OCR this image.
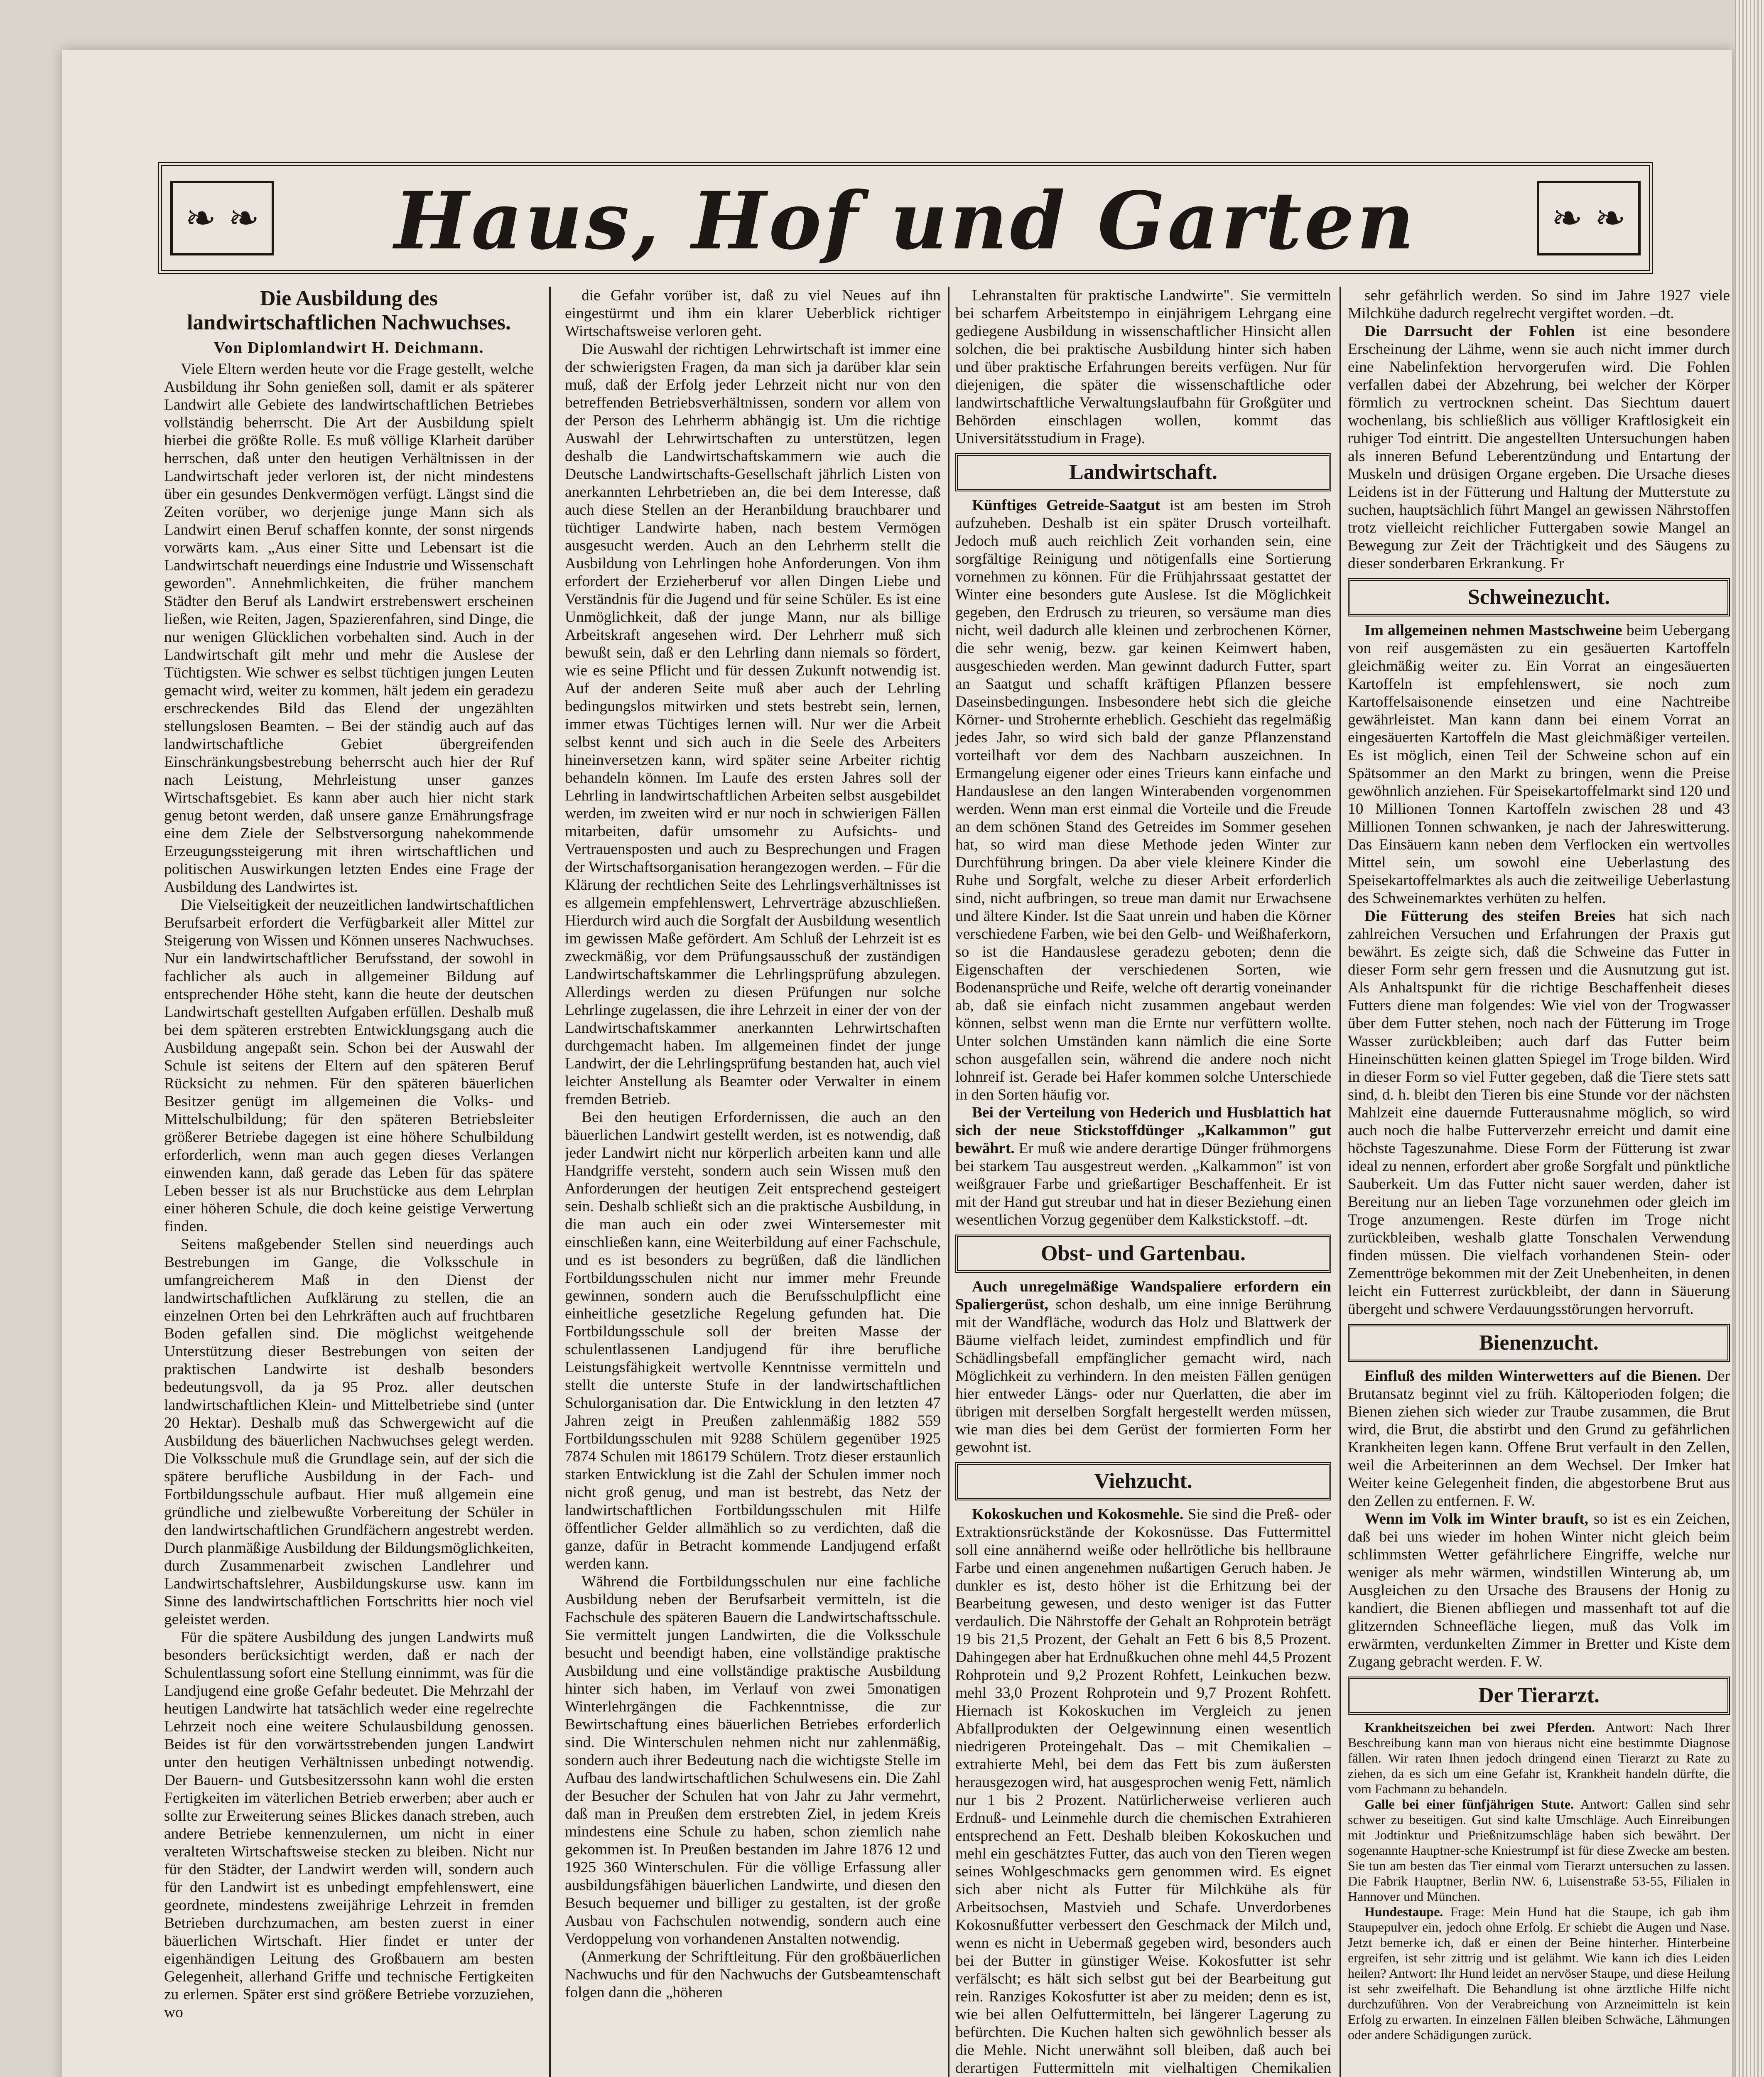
❧ ❧	Haus, Hof und Garten	❧ ❧
Die Ausbildung des landwirtschaftlichen Nachwuchses.
Von Diplomlandwirt H. Deichmann.

Viele Eltern werden heute vor die Frage gestellt, welche Ausbildung ihr Sohn genießen soll, damit er als späterer Landwirt alle Gebiete des landwirtschaftlichen Betriebes vollständig beherrscht. Die Art der Ausbildung spielt hierbei die größte Rolle. Es muß völlige Klarheit darüber herrschen, daß unter den heutigen Verhältnissen in der Landwirtschaft jeder verloren ist, der nicht mindestens über ein gesundes Denkvermögen verfügt. Längst sind die Zeiten vorüber, wo derjenige junge Mann sich als Landwirt einen Beruf schaffen konnte, der sonst nirgends vorwärts kam. „Aus einer Sitte und Lebensart ist die Landwirtschaft neuerdings eine Industrie und Wissenschaft geworden". Annehmlichkeiten, die früher manchem Städter den Beruf als Landwirt erstrebenswert erscheinen ließen, wie Reiten, Jagen, Spazierenfahren, sind Dinge, die nur wenigen Glücklichen vorbehalten sind. Auch in der Landwirtschaft gilt mehr und mehr die Auslese der Tüchtigsten. Wie schwer es selbst tüchtigen jungen Leuten gemacht wird, weiter zu kommen, hält jedem ein geradezu erschreckendes Bild das Elend der ungezählten stellungslosen Beamten. – Bei der ständig auch auf das landwirtschaftliche Gebiet übergreifenden Einschränkungsbestrebung beherrscht auch hier der Ruf nach Leistung, Mehrleistung unser ganzes Wirtschaftsgebiet. Es kann aber auch hier nicht stark genug betont werden, daß unsere ganze Ernährungsfrage eine dem Ziele der Selbstversorgung nahekommende Erzeugungssteigerung mit ihren wirtschaftlichen und politischen Auswirkungen letzten Endes eine Frage der Ausbildung des Landwirtes ist.

Die Vielseitigkeit der neuzeitlichen landwirtschaftlichen Berufsarbeit erfordert die Verfügbarkeit aller Mittel zur Steigerung von Wissen und Können unseres Nachwuchses. Nur ein landwirtschaftlicher Berufsstand, der sowohl in fachlicher als auch in allgemeiner Bildung auf entsprechender Höhe steht, kann die heute der deutschen Landwirtschaft gestellten Aufgaben erfüllen. Deshalb muß bei dem späteren erstrebten Entwicklungsgang auch die Ausbildung angepaßt sein. Schon bei der Auswahl der Schule ist seitens der Eltern auf den späteren Beruf Rücksicht zu nehmen. Für den späteren bäuerlichen Besitzer genügt im allgemeinen die Volks- und Mittelschulbildung; für den späteren Betriebsleiter größerer Betriebe dagegen ist eine höhere Schulbildung erforderlich, wenn man auch gegen dieses Verlangen einwenden kann, daß gerade das Leben für das spätere Leben besser ist als nur Bruchstücke aus dem Lehrplan einer höheren Schule, die doch keine geistige Verwertung finden.

Seitens maßgebender Stellen sind neuerdings auch Bestrebungen im Gange, die Volksschule in umfangreicherem Maß in den Dienst der landwirtschaftlichen Aufklärung zu stellen, die an einzelnen Orten bei den Lehrkräften auch auf fruchtbaren Boden gefallen sind. Die möglichst weitgehende Unterstützung dieser Bestrebungen von seiten der praktischen Landwirte ist deshalb besonders bedeutungsvoll, da ja 95 Proz. aller deutschen landwirtschaftlichen Klein- und Mittelbetriebe sind (unter 20 Hektar). Deshalb muß das Schwergewicht auf die Ausbildung des bäuerlichen Nachwuchses gelegt werden. Die Volksschule muß die Grundlage sein, auf der sich die spätere berufliche Ausbildung in der Fach- und Fortbildungsschule aufbaut. Hier muß allgemein eine gründliche und zielbewußte Vorbereitung der Schüler in den landwirtschaftlichen Grundfächern angestrebt werden. Durch planmäßige Ausbildung der Bildungsmöglichkeiten, durch Zusammenarbeit zwischen Landlehrer und Landwirtschaftslehrer, Ausbildungskurse usw. kann im Sinne des landwirtschaftlichen Fortschritts hier noch viel geleistet werden.

Für die spätere Ausbildung des jungen Landwirts muß besonders berücksichtigt werden, daß er nach der Schulentlassung sofort eine Stellung einnimmt, was für die Landjugend eine große Gefahr bedeutet. Die Mehrzahl der heutigen Landwirte hat tatsächlich weder eine regelrechte Lehrzeit noch eine weitere Schulausbildung genossen. Beides ist für den vorwärtsstrebenden jungen Landwirt unter den heutigen Verhältnissen unbedingt notwendig. Der Bauern- und Gutsbesitzerssohn kann wohl die ersten Fertigkeiten im väterlichen Betrieb erwerben; aber auch er sollte zur Erweiterung seines Blickes danach streben, auch andere Betriebe kennenzulernen, um nicht in einer veralteten Wirtschaftsweise stecken zu bleiben. Nicht nur für den Städter, der Landwirt werden will, sondern auch für den Landwirt ist es unbedingt empfehlenswert, eine geordnete, mindestens zweijährige Lehrzeit in fremden Betrieben durchzumachen, am besten zuerst in einer bäuerlichen Wirtschaft. Hier findet er unter der eigenhändigen Leitung des Großbauern am besten Gelegenheit, allerhand Griffe und technische Fertigkeiten zu erlernen. Später erst sind größere Betriebe vorzuziehen, wo

die Gefahr vorüber ist, daß zu viel Neues auf ihn eingestürmt und ihm ein klarer Ueberblick richtiger Wirtschaftsweise verloren geht.

Die Auswahl der richtigen Lehrwirtschaft ist immer eine der schwierigsten Fragen, da man sich ja darüber klar sein muß, daß der Erfolg jeder Lehrzeit nicht nur von den betreffenden Betriebsverhältnissen, sondern vor allem von der Person des Lehrherrn abhängig ist. Um die richtige Auswahl der Lehrwirtschaften zu unterstützen, legen deshalb die Landwirtschaftskammern wie auch die Deutsche Landwirtschafts-Gesellschaft jährlich Listen von anerkannten Lehrbetrieben an, die bei dem Interesse, daß auch diese Stellen an der Heranbildung brauchbarer und tüchtiger Landwirte haben, nach bestem Vermögen ausgesucht werden. Auch an den Lehrherrn stellt die Ausbildung von Lehrlingen hohe Anforderungen. Von ihm erfordert der Erzieherberuf vor allen Dingen Liebe und Verständnis für die Jugend und für seine Schüler. Es ist eine Unmöglichkeit, daß der junge Mann, nur als billige Arbeitskraft angesehen wird. Der Lehrherr muß sich bewußt sein, daß er den Lehrling dann niemals so fördert, wie es seine Pflicht und für dessen Zukunft notwendig ist. Auf der anderen Seite muß aber auch der Lehrling bedingungslos mitwirken und stets bestrebt sein, lernen, immer etwas Tüchtiges lernen will. Nur wer die Arbeit selbst kennt und sich auch in die Seele des Arbeiters hineinversetzen kann, wird später seine Arbeiter richtig behandeln können. Im Laufe des ersten Jahres soll der Lehrling in landwirtschaftlichen Arbeiten selbst ausgebildet werden, im zweiten wird er nur noch in schwierigen Fällen mitarbeiten, dafür umsomehr zu Aufsichts- und Vertrauensposten und auch zu Besprechungen und Fragen der Wirtschaftsorganisation herangezogen werden. – Für die Klärung der rechtlichen Seite des Lehrlingsverhältnisses ist es allgemein empfehlenswert, Lehrverträge abzuschließen. Hierdurch wird auch die Sorgfalt der Ausbildung wesentlich im gewissen Maße gefördert. Am Schluß der Lehrzeit ist es zweckmäßig, vor dem Prüfungsausschuß der zuständigen Landwirtschaftskammer die Lehrlingsprüfung abzulegen. Allerdings werden zu diesen Prüfungen nur solche Lehrlinge zugelassen, die ihre Lehrzeit in einer der von der Landwirtschaftskammer anerkannten Lehrwirtschaften durchgemacht haben. Im allgemeinen findet der junge Landwirt, der die Lehrlingsprüfung bestanden hat, auch viel leichter Anstellung als Beamter oder Verwalter in einem fremden Betrieb.

Bei den heutigen Erfordernissen, die auch an den bäuerlichen Landwirt gestellt werden, ist es notwendig, daß jeder Landwirt nicht nur körperlich arbeiten kann und alle Handgriffe versteht, sondern auch sein Wissen muß den Anforderungen der heutigen Zeit entsprechend gesteigert sein. Deshalb schließt sich an die praktische Ausbildung, in die man auch ein oder zwei Wintersemester mit einschließen kann, eine Weiterbildung auf einer Fachschule, und es ist besonders zu begrüßen, daß die ländlichen Fortbildungsschulen nicht nur immer mehr Freunde gewinnen, sondern auch die Berufsschulpflicht eine einheitliche gesetzliche Regelung gefunden hat. Die Fortbildungsschule soll der breiten Masse der schulentlassenen Landjugend für ihre berufliche Leistungsfähigkeit wertvolle Kenntnisse vermitteln und stellt die unterste Stufe in der landwirtschaftlichen Schulorganisation dar. Die Entwicklung in den letzten 47 Jahren zeigt in Preußen zahlenmäßig 1882 559 Fortbildungsschulen mit 9288 Schülern gegenüber 1925 7874 Schulen mit 186179 Schülern. Trotz dieser erstaunlich starken Entwicklung ist die Zahl der Schulen immer noch nicht groß genug, und man ist bestrebt, das Netz der landwirtschaftlichen Fortbildungsschulen mit Hilfe öffentlicher Gelder allmählich so zu verdichten, daß die ganze, dafür in Betracht kommende Landjugend erfaßt werden kann.

Während die Fortbildungsschulen nur eine fachliche Ausbildung neben der Berufsarbeit vermitteln, ist die Fachschule des späteren Bauern die Landwirtschaftsschule. Sie vermittelt jungen Landwirten, die die Volksschule besucht und beendigt haben, eine vollständige praktische Ausbildung und eine vollständige praktische Ausbildung hinter sich haben, im Verlauf von zwei 5monatigen Winterlehrgängen die Fachkenntnisse, die zur Bewirtschaftung eines bäuerlichen Betriebes erforderlich sind. Die Winterschulen nehmen nicht nur zahlenmäßig, sondern auch ihrer Bedeutung nach die wichtigste Stelle im Aufbau des landwirtschaftlichen Schulwesens ein. Die Zahl der Besucher der Schulen hat von Jahr zu Jahr vermehrt, daß man in Preußen dem erstrebten Ziel, in jedem Kreis mindestens eine Schule zu haben, schon ziemlich nahe gekommen ist. In Preußen bestanden im Jahre 1876 12 und 1925 360 Winterschulen. Für die völlige Erfassung aller ausbildungsfähigen bäuerlichen Landwirte, und diesen den Besuch bequemer und billiger zu gestalten, ist der große Ausbau von Fachschulen notwendig, sondern auch eine Verdoppelung von vorhandenen Anstalten notwendig.

(Anmerkung der Schriftleitung. Für den großbäuerlichen Nachwuchs und für den Nachwuchs der Gutsbeamtenschaft folgen dann die „höheren

Lehranstalten für praktische Landwirte". Sie vermitteln bei scharfem Arbeitstempo in einjährigem Lehrgang eine gediegene Ausbildung in wissenschaftlicher Hinsicht allen solchen, die bei praktische Ausbildung hinter sich haben und über praktische Erfahrungen bereits verfügen. Nur für diejenigen, die später die wissenschaftliche oder landwirtschaftliche Verwaltungslaufbahn für Großgüter und Behörden einschlagen wollen, kommt das Universitätsstudium in Frage).

Landwirtschaft.

Künftiges Getreide-Saatgut ist am besten im Stroh aufzuheben. Deshalb ist ein später Drusch vorteilhaft. Jedoch muß auch reichlich Zeit vorhanden sein, eine sorgfältige Reinigung und nötigenfalls eine Sortierung vornehmen zu können. Für die Frühjahrssaat gestattet der Winter eine besonders gute Auslese. Ist die Möglichkeit gegeben, den Erdrusch zu trieuren, so versäume man dies nicht, weil dadurch alle kleinen und zerbrochenen Körner, die sehr wenig, bezw. gar keinen Keimwert haben, ausgeschieden werden. Man gewinnt dadurch Futter, spart an Saatgut und schafft kräftigen Pflanzen bessere Daseinsbedingungen. Insbesondere hebt sich die gleiche Körner- und Strohernte erheblich. Geschieht das regelmäßig jedes Jahr, so wird sich bald der ganze Pflanzenstand vorteilhaft vor dem des Nachbarn auszeichnen. In Ermangelung eigener oder eines Trieurs kann einfache und Handauslese an den langen Winterabenden vorgenommen werden. Wenn man erst einmal die Vorteile und die Freude an dem schönen Stand des Getreides im Sommer gesehen hat, so wird man diese Methode jeden Winter zur Durchführung bringen. Da aber viele kleinere Kinder die Ruhe und Sorgfalt, welche zu dieser Arbeit erforderlich sind, nicht aufbringen, so treue man damit nur Erwachsene und ältere Kinder. Ist die Saat unrein und haben die Körner verschiedene Farben, wie bei den Gelb- und Weißhaferkorn, so ist die Handauslese geradezu geboten; denn die Eigenschaften der verschiedenen Sorten, wie Bodenansprüche und Reife, welche oft derartig voneinander ab, daß sie einfach nicht zusammen angebaut werden können, selbst wenn man die Ernte nur verfüttern wollte. Unter solchen Umständen kann nämlich die eine Sorte schon ausgefallen sein, während die andere noch nicht lohnreif ist. Gerade bei Hafer kommen solche Unterschiede in den Sorten häufig vor.

Bei der Verteilung von Hederich und Husblattich hat sich der neue Stickstoffdünger „Kalkammon" gut bewährt. Er muß wie andere derartige Dünger frühmorgens bei starkem Tau ausgestreut werden. „Kalkammon" ist von weißgrauer Farbe und grießartiger Beschaffenheit. Er ist mit der Hand gut streubar und hat in dieser Beziehung einen wesentlichen Vorzug gegenüber dem Kalkstickstoff. –dt.

Obst- und Gartenbau.

Auch unregelmäßige Wandspaliere erfordern ein Spaliergerüst, schon deshalb, um eine innige Berührung mit der Wandfläche, wodurch das Holz und Blattwerk der Bäume vielfach leidet, zumindest empfindlich und für Schädlingsbefall empfänglicher gemacht wird, nach Möglichkeit zu verhindern. In den meisten Fällen genügen hier entweder Längs- oder nur Querlatten, die aber im übrigen mit derselben Sorgfalt hergestellt werden müssen, wie man dies bei dem Gerüst der formierten Form her gewohnt ist.

Viehzucht.

Kokoskuchen und Kokosmehle. Sie sind die Preß- oder Extraktionsrückstände der Kokosnüsse. Das Futtermittel soll eine annähernd weiße oder hellrötliche bis hellbraune Farbe und einen angenehmen nußartigen Geruch haben. Je dunkler es ist, desto höher ist die Erhitzung bei der Bearbeitung gewesen, und desto weniger ist das Futter verdaulich. Die Nährstoffe der Gehalt an Rohprotein beträgt 19 bis 21,5 Prozent, der Gehalt an Fett 6 bis 8,5 Prozent. Dahingegen aber hat Erdnußkuchen ohne mehl 44,5 Prozent Rohprotein und 9,2 Prozent Rohfett, Leinkuchen bezw. mehl 33,0 Prozent Rohprotein und 9,7 Prozent Rohfett. Hiernach ist Kokoskuchen im Vergleich zu jenen Abfallprodukten der Oelgewinnung einen wesentlich niedrigeren Proteingehalt. Das – mit Chemikalien – extrahierte Mehl, bei dem das Fett bis zum äußersten herausgezogen wird, hat ausgesprochen wenig Fett, nämlich nur 1 bis 2 Prozent. Natürlicherweise verlieren auch Erdnuß- und Leinmehle durch die chemischen Extrahieren entsprechend an Fett. Deshalb bleiben Kokoskuchen und mehl ein geschätztes Futter, das auch von den Tieren wegen seines Wohlgeschmacks gern genommen wird. Es eignet sich aber nicht als Futter für Milchkühe als für Arbeitsochsen, Mastvieh und Schafe. Unverdorbenes Kokosnußfutter verbessert den Geschmack der Milch und, wenn es nicht in Uebermaß gegeben wird, besonders auch bei der Butter in günstiger Weise. Kokosfutter ist sehr verfälscht; es hält sich selbst gut bei der Bearbeitung gut rein. Ranziges Kokosfutter ist aber zu meiden; denn es ist, wie bei allen Oelfuttermitteln, bei längerer Lagerung zu befürchten. Die Kuchen halten sich gewöhnlich besser als die Mehle. Nicht unerwähnt soll bleiben, daß auch bei derartigen Futtermitteln mit vielhaltigen Chemikalien

sehr gefährlich werden. So sind im Jahre 1927 viele Milchkühe dadurch regelrecht vergiftet worden. –dt.

Die Darrsucht der Fohlen ist eine besondere Erscheinung der Lähme, wenn sie auch nicht immer durch eine Nabelinfektion hervorgerufen wird. Die Fohlen verfallen dabei der Abzehrung, bei welcher der Körper förmlich zu vertrocknen scheint. Das Siechtum dauert wochenlang, bis schließlich aus völliger Kraftlosigkeit ein ruhiger Tod eintritt. Die angestellten Untersuchungen haben als inneren Befund Leberentzündung und Entartung der Muskeln und drüsigen Organe ergeben. Die Ursache dieses Leidens ist in der Fütterung und Haltung der Mutterstute zu suchen, hauptsächlich führt Mangel an gewissen Nährstoffen trotz vielleicht reichlicher Futtergaben sowie Mangel an Bewegung zur Zeit der Trächtigkeit und des Säugens zu dieser sonderbaren Erkrankung. Fr

Schweinezucht.

Im allgemeinen nehmen Mastschweine beim Uebergang von reif ausgemästen zu ein gesäuerten Kartoffeln gleichmäßig weiter zu. Ein Vorrat an eingesäuerten Kartoffeln ist empfehlenswert, sie noch zum Kartoffelsaisonende einsetzen und eine Nachtreibe gewährleistet. Man kann dann bei einem Vorrat an eingesäuerten Kartoffeln die Mast gleichmäßiger verteilen. Es ist möglich, einen Teil der Schweine schon auf ein Spätsommer an den Markt zu bringen, wenn die Preise gewöhnlich anziehen. Für Speisekartoffelmarkt sind 120 und 10 Millionen Tonnen Kartoffeln zwischen 28 und 43 Millionen Tonnen schwanken, je nach der Jahreswitterung. Das Einsäuern kann neben dem Verflocken ein wertvolles Mittel sein, um sowohl eine Ueberlastung des Speisekartoffelmarktes als auch die zeitweilige Ueberlastung des Schweinemarktes verhüten zu helfen.

Die Fütterung des steifen Breies hat sich nach zahlreichen Versuchen und Erfahrungen der Praxis gut bewährt. Es zeigte sich, daß die Schweine das Futter in dieser Form sehr gern fressen und die Ausnutzung gut ist. Als Anhaltspunkt für die richtige Beschaffenheit dieses Futters diene man folgendes: Wie viel von der Trogwasser über dem Futter stehen, noch nach der Fütterung im Troge Wasser zurückbleiben; auch darf das Futter beim Hineinschütten keinen glatten Spiegel im Troge bilden. Wird in dieser Form so viel Futter gegeben, daß die Tiere stets satt sind, d. h. bleibt den Tieren bis eine Stunde vor der nächsten Mahlzeit eine dauernde Futterausnahme möglich, so wird auch noch die halbe Futterverzehr erreicht und damit eine höchste Tageszunahme. Diese Form der Fütterung ist zwar ideal zu nennen, erfordert aber große Sorgfalt und pünktliche Sauberkeit. Um das Futter nicht sauer werden, daher ist Bereitung nur an lieben Tage vorzunehmen oder gleich im Troge anzumengen. Reste dürfen im Troge nicht zurückbleiben, weshalb glatte Tonschalen Verwendung finden müssen. Die vielfach vorhandenen Stein- oder Zementtröge bekommen mit der Zeit Unebenheiten, in denen leicht ein Futterrest zurückbleibt, der dann in Säuerung übergeht und schwere Verdauungsstörungen hervorruft.

Bienenzucht.

Einfluß des milden Winterwetters auf die Bienen. Der Brutansatz beginnt viel zu früh. Kältoperioden folgen; die Bienen ziehen sich wieder zur Traube zusammen, die Brut wird, die Brut, die abstirbt und den Grund zu gefährlichen Krankheiten legen kann. Offene Brut verfault in den Zellen, weil die Arbeiterinnen an dem Wechsel. Der Imker hat Weiter keine Gelegenheit finden, die abgestorbene Brut aus den Zellen zu entfernen. F. W.

Wenn im Volk im Winter brauft, so ist es ein Zeichen, daß bei uns wieder im hohen Winter nicht gleich beim schlimmsten Wetter gefährlichere Eingriffe, welche nur weniger als mehr wärmen, windstillen Winterung ab, um Ausgleichen zu den Ursache des Brausens der Honig zu kandiert, die Bienen abfliegen und massenhaft tot auf die glitzernden Schneefläche liegen, muß das Volk im erwärmten, verdunkelten Zimmer in Bretter und Kiste dem Zugang gebracht werden. F. W.

Der Tierarzt.

Krankheitszeichen bei zwei Pferden. Antwort: Nach Ihrer Beschreibung kann man von hieraus nicht eine bestimmte Diagnose fällen. Wir raten Ihnen jedoch dringend einen Tierarzt zu Rate zu ziehen, da es sich um eine Gefahr ist, Krankheit handeln dürfte, die vom Fachmann zu behandeln.

Galle bei einer fünfjährigen Stute. Antwort: Gallen sind sehr schwer zu beseitigen. Gut sind kalte Umschläge. Auch Einreibungen mit Jodtinktur und Prießnitzumschläge haben sich bewährt. Der sogenannte Hauptner-sche Kniestrumpf ist für diese Zwecke am besten. Sie tun am besten das Tier einmal vom Tierarzt untersuchen zu lassen. Die Fabrik Hauptner, Berlin NW. 6, Luisenstraße 53-55, Filialen in Hannover und München.

Hundestaupe. Frage: Mein Hund hat die Staupe, ich gab ihm Staupepulver ein, jedoch ohne Erfolg. Er schiebt die Augen und Nase. Jetzt bemerke ich, daß er einen der Beine hinterher. Hinterbeine ergreifen, ist sehr zittrig und ist gelähmt. Wie kann ich dies Leiden heilen? Antwort: Ihr Hund leidet an nervöser Staupe, und diese Heilung ist sehr zweifelhaft. Die Behandlung ist ohne ärztliche Hilfe nicht durchzuführen. Von der Verabreichung von Arzneimitteln ist kein Erfolg zu erwarten. In einzelnen Fällen bleiben Schwäche, Lähmungen oder andere Schädigungen zurück.
